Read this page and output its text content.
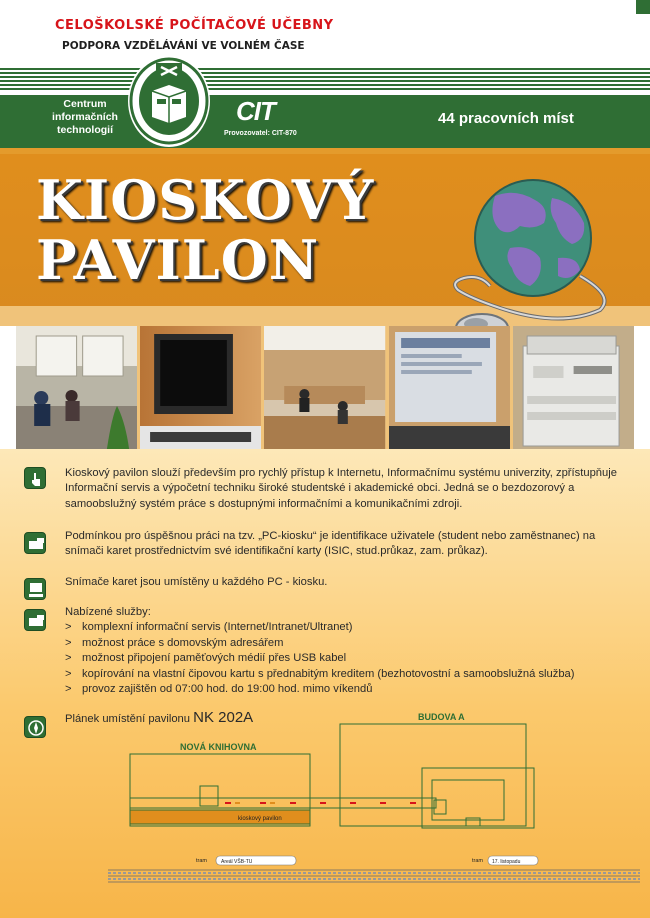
CELOŠKOLSKÉ POČÍTAČOVÉ UČEBNY
PODPORA VZDĚLÁVÁNÍ VE VOLNÉM ČASE
Centrum
informačních
technologií
CIT
Provozovatel: CIT-870
44 pracovních míst
KIOSKOVÝ
PAVILON
Kioskový pavilon slouží především pro rychlý přístup k Internetu, Informačnímu systému univerzity, zpřístupňuje Informační servis a výpočetní techniku široké studentské i akademické obci. Jedná se o bezdozorový a samoobslužný systém práce s dostupnými informačními a komunikačními zdroji.
Podmínkou pro úspěšnou práci na tzv. „PC-kiosku“ je identifikace uživatele (student nebo zaměstnanec) na snímači karet prostřednictvím své identifikační karty (ISIC, stud.průkaz, zam. průkaz).
Snímače karet jsou umístěny u každého PC - kiosku.
Nabízené služby:
> komplexní informační servis (Internet/Intranet/Ultranet)
> možnost práce s domovským adresářem
> možnost připojení paměťových médií přes USB kabel
> kopírování na vlastní čipovou kartu s přednabitým kreditem (bezhotovostní a samoobslužná služba)
> provoz zajištěn od 07:00 hod. do 19:00 hod. mimo víkendů
Plánek umístění pavilonu NK 202A	BUDOVA A
NOVÁ KNIHOVNA
kioskový pavilon
tram	Areál VŠB-TU	tram 17. listopadu
